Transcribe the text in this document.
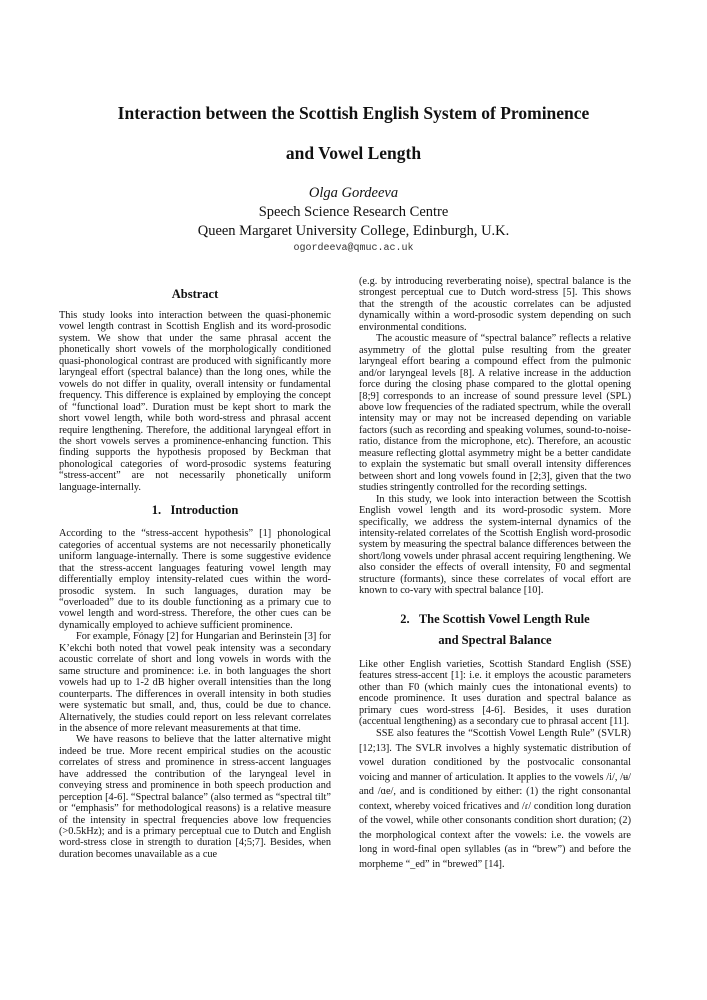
Interaction between the Scottish English System of Prominence
and Vowel Length
Olga Gordeeva
Speech Science Research Centre
Queen Margaret University College, Edinburgh, U.K.
ogordeeva@qmuc.ac.uk
Abstract

This study looks into interaction between the quasi-phonemic vowel length contrast in Scottish English and its word-prosodic system. We show that under the same phrasal accent the phonetically short vowels of the morphologically conditioned quasi-phonological contrast are produced with significantly more laryngeal effort (spectral balance) than the long ones, while the vowels do not differ in quality, overall intensity or fundamental frequency. This difference is explained by employing the concept of “functional load”. Duration must be kept short to mark the short vowel length, while both word-stress and phrasal accent require lengthening. Therefore, the additional laryngeal effort in the short vowels serves a prominence-enhancing function. This finding supports the hypothesis proposed by Beckman that phonological categories of word-prosodic systems featuring “stress-accent” are not necessarily phonetically uniform language-internally.

1.   Introduction

According to the “stress-accent hypothesis” [1] phonological categories of accentual systems are not necessarily phonetically uniform language-internally. There is some suggestive evidence that the stress-accent languages featuring vowel length may differentially employ intensity-related cues within the word-prosodic system. In such languages, duration may be “overloaded” due to its double functioning as a primary cue to vowel length and word-stress. Therefore, the other cues can be dynamically employed to achieve sufficient prominence.

For example, Fónagy [2] for Hungarian and Berinstein [3] for K’ekchi both noted that vowel peak intensity was a secondary acoustic correlate of short and long vowels in words with the same structure and prominence: i.e. in both languages the short vowels had up to 1-2 dB higher overall intensities than the long counterparts. The differences in overall intensity in both studies were systematic but small, and, thus, could be due to chance. Alternatively, the studies could report on less relevant correlates in the absence of more relevant measurements at that time.

We have reasons to believe that the latter alternative might indeed be true. More recent empirical studies on the acoustic correlates of stress and prominence in stress-accent languages have addressed the contribution of the laryngeal level in conveying stress and prominence in both speech production and perception [4-6]. “Spectral balance” (also termed as “spectral tilt” or “emphasis” for methodological reasons) is a relative measure of the intensity in spectral frequencies above low frequencies (>0.5kHz); and is a primary perceptual cue to Dutch and English word-stress close in strength to duration [4;5;7]. Besides, when duration becomes unavailable as a cue

(e.g. by introducing reverberating noise), spectral balance is the strongest perceptual cue to Dutch word-stress [5]. This shows that the strength of the acoustic correlates can be adjusted dynamically within a word-prosodic system depending on such environmental conditions.

The acoustic measure of “spectral balance” reflects a relative asymmetry of the glottal pulse resulting from the greater laryngeal effort bearing a compound effect from the pulmonic and/or laryngeal levels [8]. A relative increase in the adduction force during the closing phase compared to the glottal opening [8;9] corresponds to an increase of sound pressure level (SPL) above low frequencies of the radiated spectrum, while the overall intensity may or may not be increased depending on variable factors (such as recording and speaking volumes, sound-to-noise-ratio, distance from the microphone, etc). Therefore, an acoustic measure reflecting glottal asymmetry might be a better candidate to explain the systematic but small overall intensity differences between short and long vowels found in [2;3], given that the two studies stringently controlled for the recording settings.

In this study, we look into interaction between the Scottish English vowel length and its word-prosodic system. More specifically, we address the system-internal dynamics of the intensity-related correlates of the Scottish English word-prosodic system by measuring the spectral balance differences between the short/long vowels under phrasal accent requiring lengthening. We also consider the effects of overall intensity, F0 and segmental structure (formants), since these correlates of vocal effort are known to co-vary with spectral balance [10].

2.   The Scottish Vowel Length Rule
and Spectral Balance

Like other English varieties, Scottish Standard English (SSE) features stress-accent [1]: i.e. it employs the acoustic parameters other than F0 (which mainly cues the intonational events) to encode prominence. It uses duration and spectral balance as primary cues word-stress [4-6]. Besides, it uses duration (accentual lengthening) as a secondary cue to phrasal accent [11].

SSE also features the “Scottish Vowel Length Rule” (SVLR) [12;13]. The SVLR involves a highly systematic distribution of vowel duration conditioned by the postvocalic consonantal voicing and manner of articulation. It applies to the vowels /i/, /ʉ/ and /ɑe/, and is conditioned by either: (1) the right consonantal context, whereby voiced fricatives and /ɾ/ condition long duration of the vowel, while other consonants condition short duration; (2) the morphological context after the vowels: i.e. the vowels are long in word-final open syllables (as in “brew”) and before the morpheme “_ed” in “brewed” [14].
